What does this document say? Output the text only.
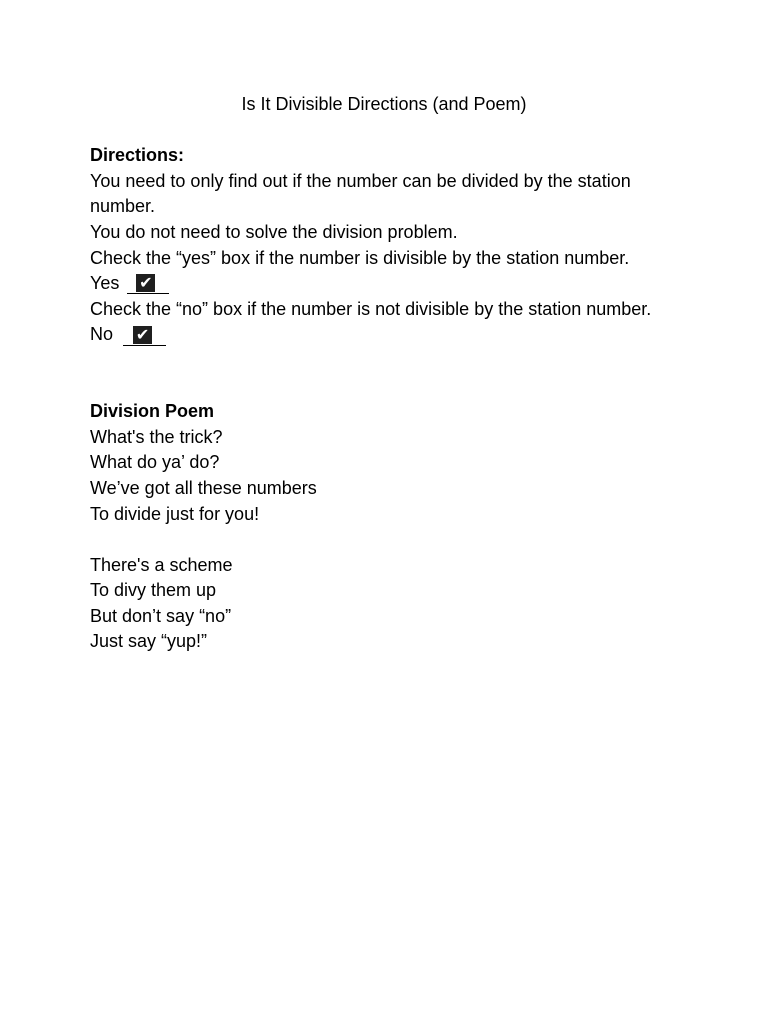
Is It Divisible Directions (and Poem)
Directions:
You need to only find out if the number can be divided by the station number.
You do not need to solve the division problem.
Check the “yes” box if the number is divisible by the station number.
Yes ✔
Check the “no” box if the number is not divisible by the station number.
No ✔
Division Poem
What's the trick?
What do ya’ do?
We’ve got all these numbers
To divide just for you!
There's a scheme
To divy them up
But don’t say “no”
Just say “yup!”
